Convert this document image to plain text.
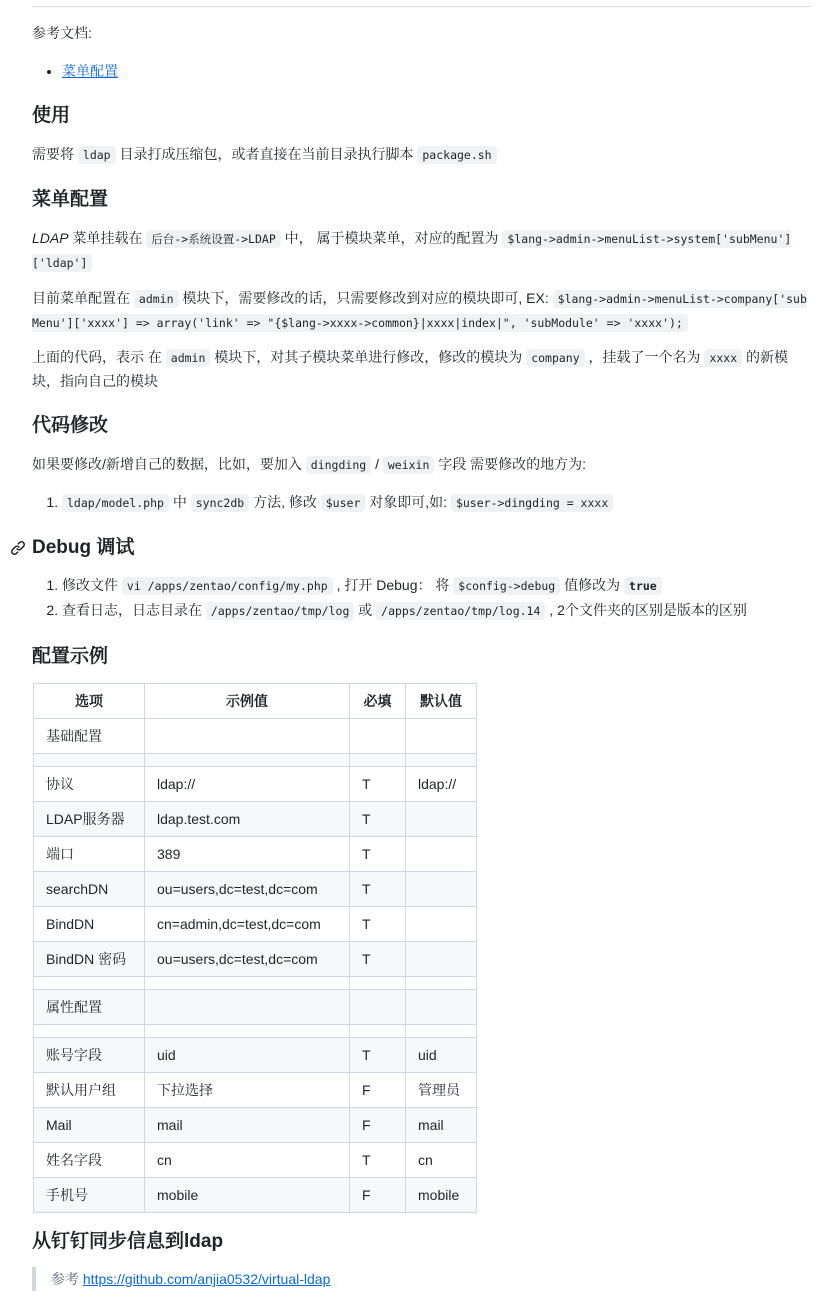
参考文档:

• 菜单配置
使用

需要将 ldap 目录打成压缩包，或者直接在当前目录执行脚本 package.sh

菜单配置

LDAP 菜单挂载在 后台->系统设置->LDAP 中， 属于模块菜单，对应的配置为 $lang->admin->menuList->system['subMenu']['ldap']

目前菜单配置在 admin 模块下，需要修改的话，只需要修改到对应的模块即可, EX: $lang->admin->menuList->company['subMenu']['xxxx'] => array('link' => "{$lang->xxxx->common}|xxxx|index|", 'subModule' => 'xxxx');

上面的代码，表示 在 admin 模块下，对其子模块菜单进行修改，修改的模块为 company ，挂载了一个名为 xxxx 的新模块，指向自己的模块

代码修改

如果要修改/新增自己的数据，比如，要加入 dingding / weixin 字段 需要修改的地方为:

1. ldap/model.php 中 sync2db 方法, 修改 $user 对象即可,如: $user->dingding = xxxx
Debug 调试
1. 修改文件 vi /apps/zentao/config/my.php , 打开 Debug： 将 $config->debug 值修改为 true
2. 查看日志，日志目录在 /apps/zentao/tmp/log 或 /apps/zentao/tmp/log.14 , 2个文件夹的区别是版本的区别
配置示例
选项	示例值	必填	默认值
基础配置			

协议	ldap://	T	ldap://
LDAP服务器	ldap.test.com	T	
端口	389	T	
searchDN	ou=users,dc=test,dc=com	T	
BindDN	cn=admin,dc=test,dc=com	T	
BindDN 密码	ou=users,dc=test,dc=com	T	

属性配置			

账号字段	uid	T	uid
默认用户组	下拉选择	F	管理员
Mail	mail	F	mail
姓名字段	cn	T	cn
手机号	mobile	F	mobile
从钉钉同步信息到ldap
参考 https://github.com/anjia0532/virtual-ldap
